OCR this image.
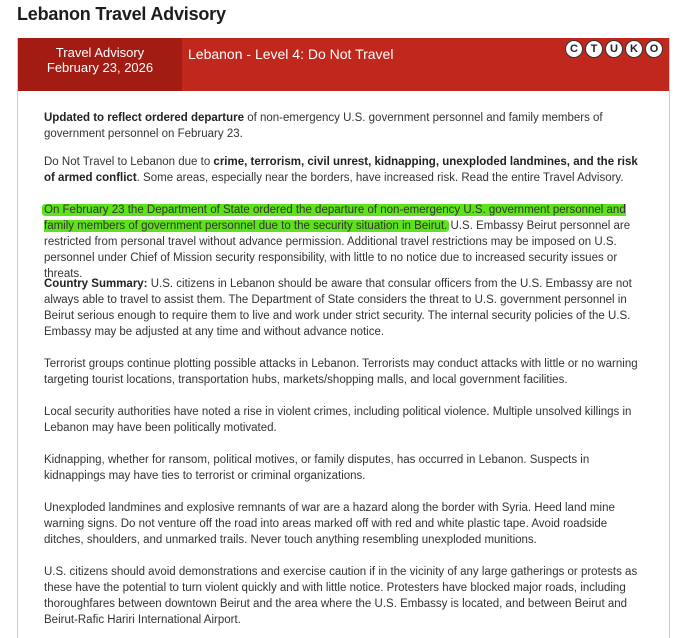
Lebanon Travel Advisory
Travel Advisory
February 23, 2026
Lebanon - Level 4: Do Not Travel	C	T	U	K	O

Updated to reflect ordered departure of non-emergency U.S. government personnel and family members of government personnel on February 23.

Do Not Travel to Lebanon due to crime, terrorism, civil unrest, kidnapping, unexploded landmines, and the risk of armed conflict. Some areas, especially near the borders, have increased risk. Read the entire Travel Advisory.

On February 23 the Department of State ordered the departure of non-emergency U.S. government personnel and family members of government personnel due to the security situation in Beirut. U.S. Embassy Beirut personnel are restricted from personal travel without advance permission. Additional travel restrictions may be imposed on U.S. personnel under Chief of Mission security responsibility, with little to no notice due to increased security issues or threats.

Country Summary: U.S. citizens in Lebanon should be aware that consular officers from the U.S. Embassy are not always able to travel to assist them. The Department of State considers the threat to U.S. government personnel in Beirut serious enough to require them to live and work under strict security. The internal security policies of the U.S. Embassy may be adjusted at any time and without advance notice.

Terrorist groups continue plotting possible attacks in Lebanon. Terrorists may conduct attacks with little or no warning targeting tourist locations, transportation hubs, markets/shopping malls, and local government facilities.

Local security authorities have noted a rise in violent crimes, including political violence. Multiple unsolved killings in Lebanon may have been politically motivated.

Kidnapping, whether for ransom, political motives, or family disputes, has occurred in Lebanon. Suspects in kidnappings may have ties to terrorist or criminal organizations.

Unexploded landmines and explosive remnants of war are a hazard along the border with Syria. Heed land mine warning signs. Do not venture off the road into areas marked off with red and white plastic tape. Avoid roadside ditches, shoulders, and unmarked trails. Never touch anything resembling unexploded munitions.

U.S. citizens should avoid demonstrations and exercise caution if in the vicinity of any large gatherings or protests as these have the potential to turn violent quickly and with little notice. Protesters have blocked major roads, including thoroughfares between downtown Beirut and the area where the U.S. Embassy is located, and between Beirut and Beirut-Rafic Hariri International Airport.
